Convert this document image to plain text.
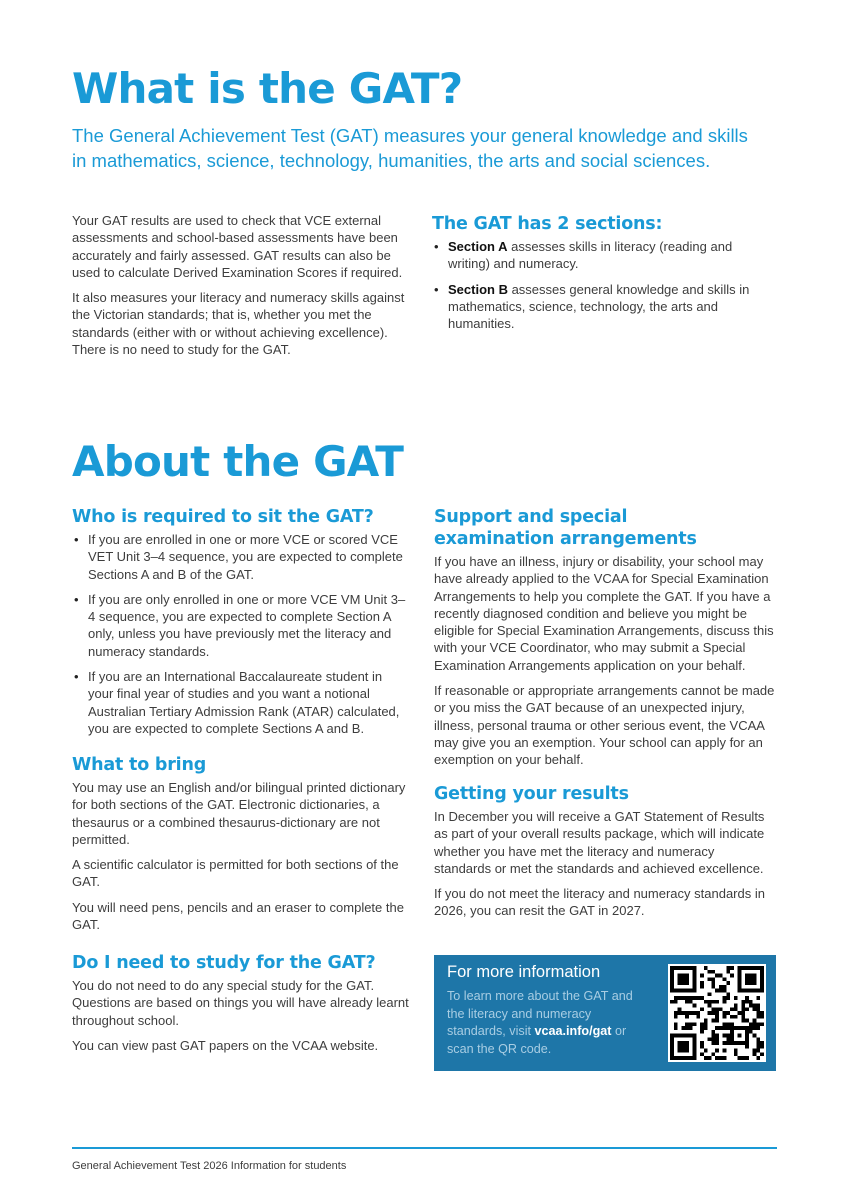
What is the GAT?

The General Achievement Test (GAT) measures your general knowledge and skills in mathematics, science, technology, humanities, the arts and social sciences.

Your GAT results are used to check that VCE external assessments and school-based assessments have been accurately and fairly assessed. GAT results can also be used to calculate Derived Examination Scores if required.

It also measures your literacy and numeracy skills against the Victorian standards; that is, whether you met the standards (either with or without achieving excellence). There is no need to study for the GAT.

The GAT has 2 sections:
• Section A assesses skills in literacy (reading and writing) and numeracy.
• Section B assesses general knowledge and skills in mathematics, science, technology, the arts and humanities.
About the GAT
Who is required to sit the GAT?
• If you are enrolled in one or more VCE or scored VCE VET Unit 3–4 sequence, you are expected to complete Sections A and B of the GAT.
• If you are only enrolled in one or more VCE VM Unit 3–4 sequence, you are expected to complete Section A only, unless you have previously met the literacy and numeracy standards.
• If you are an International Baccalaureate student in your final year of studies and you want a notional Australian Tertiary Admission Rank (ATAR) calculated, you are expected to complete Sections A and B.
What to bring

You may use an English and/or bilingual printed dictionary for both sections of the GAT. Electronic dictionaries, a thesaurus or a combined thesaurus-dictionary are not permitted.

A scientific calculator is permitted for both sections of the GAT.

You will need pens, pencils and an eraser to complete the GAT.

Do I need to study for the GAT?

You do not need to do any special study for the GAT. Questions are based on things you will have already learnt throughout school.

You can view past GAT papers on the VCAA website.

Support and special examination arrangements

If you have an illness, injury or disability, your school may have already applied to the VCAA for Special Examination Arrangements to help you complete the GAT. If you have a recently diagnosed condition and believe you might be eligible for Special Examination Arrangements, discuss this with your VCE Coordinator, who may submit a Special Examination Arrangements application on your behalf.

If reasonable or appropriate arrangements cannot be made or you miss the GAT because of an unexpected injury, illness, personal trauma or other serious event, the VCAA may give you an exemption. Your school can apply for an exemption on your behalf.

Getting your results

In December you will receive a GAT Statement of Results as part of your overall results package, which will indicate whether you have met the literacy and numeracy standards or met the standards and achieved excellence.

If you do not meet the literacy and numeracy standards in 2026, you can resit the GAT in 2027.

For more information
To learn more about the GAT and the literacy and numeracy standards, visit vcaa.info/gat or scan the QR code.
General Achievement Test 2026 Information for students
